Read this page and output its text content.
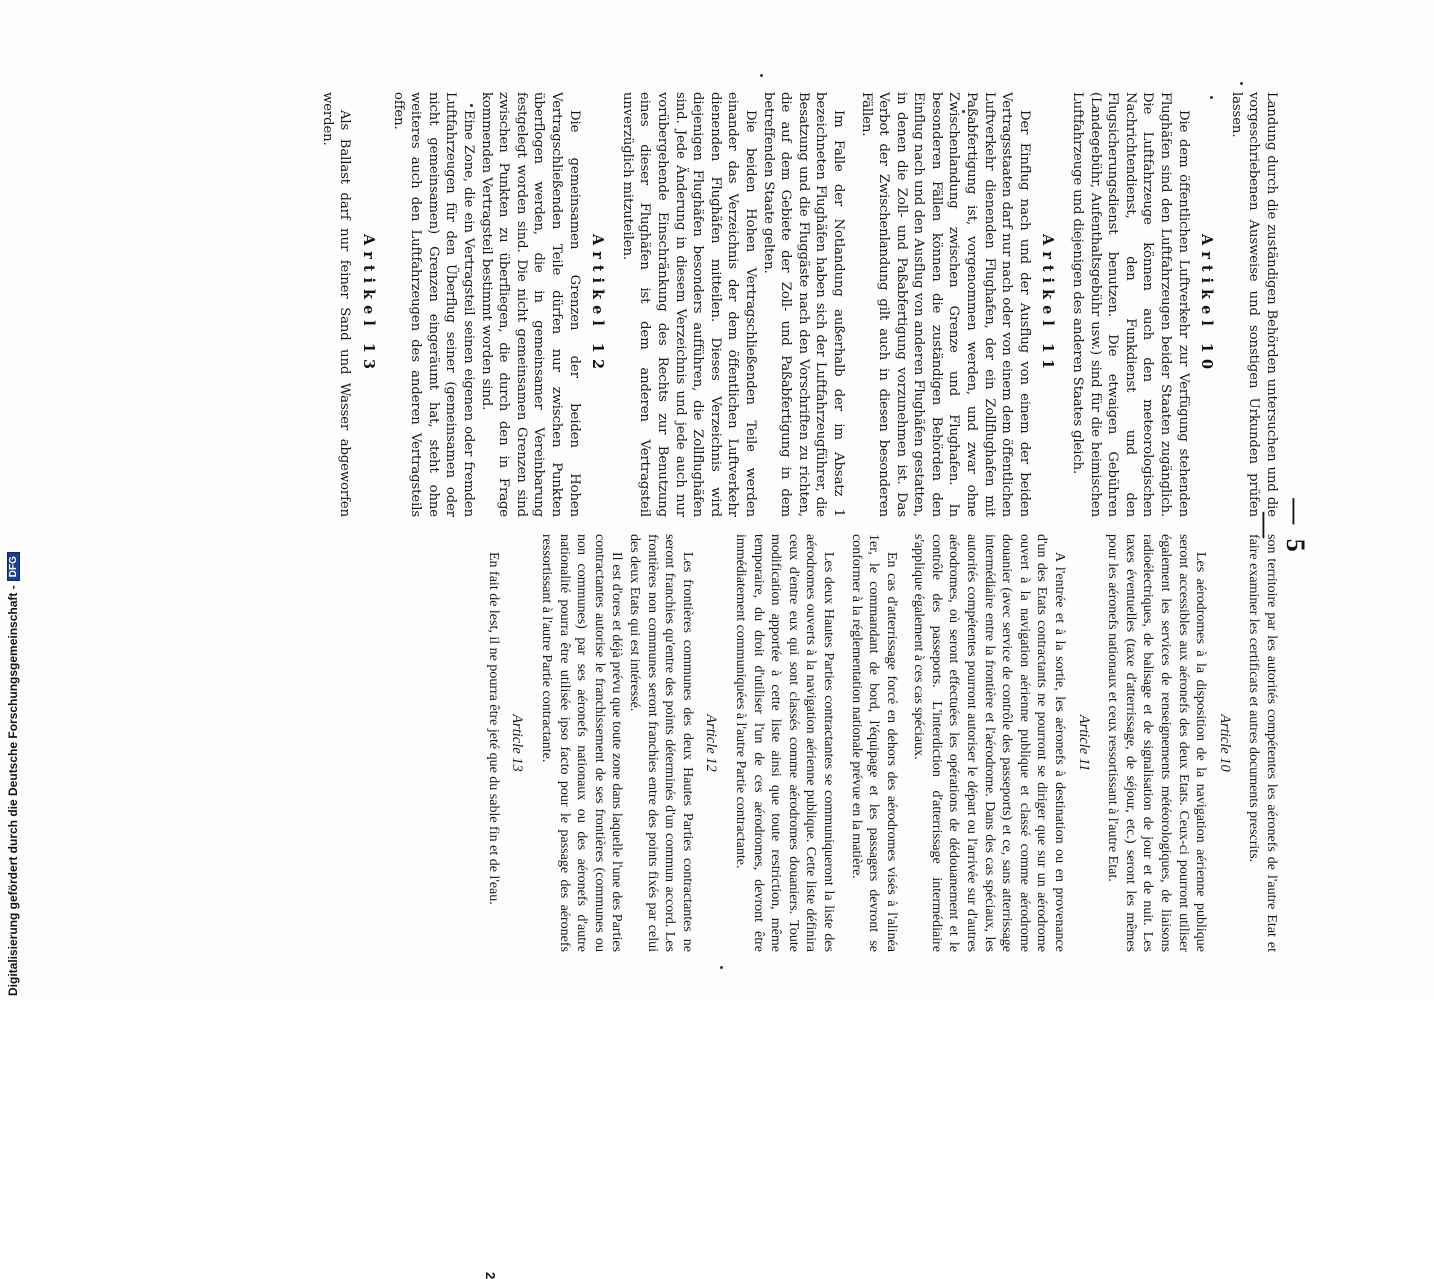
— 5 —

Landung durch die zuständigen Behörden untersuchen und die vorgeschriebenen Ausweise und sonstigen Urkunden prüfen lassen.

Artikel 10

Die dem öffentlichen Luftverkehr zur Verfügung stehenden Flughäfen sind den Luftfahrzeugen beider Staaten zugänglich. Die Luftfahrzeuge können auch den meteorologischen Nachrichtendienst, den Funkdienst und den Flugsicherungsdienst benutzen. Die etwaigen Gebühren (Landegebühr, Aufenthaltsgebühr usw.) sind für die heimischen Luftfahrzeuge und diejenigen des anderen Staates gleich.

Artikel 11

Der Einflug nach und der Ausflug von einem der beiden Vertragsstaaten darf nur nach oder von einem dem öffentlichen Luftverkehr dienenden Flughafen, der ein Zollflughafen mit Paßabfertigung ist, vorgenommen werden, und zwar ohne Zwischenlandung zwischen Grenze und Flughafen. In besonderen Fällen können die zuständigen Behörden den Einflug nach und den Ausflug von anderen Flughäfen gestatten, in denen die Zoll- und Paßabfertigung vorzunehmen ist. Das Verbot der Zwischenlandung gilt auch in diesen besonderen Fällen.

Im Falle der Notlandung außerhalb der im Absatz 1 bezeichneten Flughäfen haben sich der Luftfahrzeugführer, die Besatzung und die Fluggäste nach den Vorschriften zu richten, die auf dem Gebiete der Zoll- und Paßabfertigung in dem betreffenden Staate gelten.

Die beiden Hohen Vertragschließenden Teile werden einander das Verzeichnis der dem öffentlichen Luftverkehr dienenden Flughäfen mitteilen. Dieses Verzeichnis wird diejenigen Flughäfen besonders aufführen, die Zollflughäfen sind. Jede Änderung in diesem Verzeichnis und jede auch nur vorübergehende Einschränkung des Rechts zur Benutzung eines dieser Flughäfen ist dem anderen Vertragsteil unverzüglich mitzuteilen.

Artikel 12

Die gemeinsamen Grenzen der beiden Hohen Vertragschließenden Teile dürfen nur zwischen Punkten überflogen werden, die in gemeinsamer Vereinbarung festgelegt worden sind. Die nicht gemeinsamen Grenzen sind zwischen Punkten zu überfliegen, die durch den in Frage kommenden Vertragsteil bestimmt worden sind.

Eine Zone, die ein Vertragsteil seinen eigenen oder fremden Luftfahrzeugen für den Überflug seiner (gemeinsamen oder nicht gemeinsamen) Grenzen eingeräumt hat, steht ohne weiteres auch den Luftfahrzeugen des anderen Vertragsteils offen.

Artikel 13

Als Ballast darf nur feiner Sand und Wasser abgeworfen werden.

son territoire par les autorités compétentes les aéronefs de l'autre Etat et faire examiner les certificats et autres documents prescrits.

Article 10

Les aérodromes à la disposition de la navigation aérienne publique seront accessibles aux aéronefs des deux Etats. Ceux-ci pourront utiliser également les services de renseignements météorologiques, de liaisons radioélectriques, de balisage et de signalisation de jour et de nuit. Les taxes éventuelles (taxe d'atterrissage, de séjour, etc.) seront les mêmes pour les aéronefs nationaux et ceux ressortissant à l'autre Etat.

Article 11

A l'entrée et à la sortie, les aéronefs à destination ou en provenance d'un des Etats contractants ne pourront se diriger que sur un aérodrome ouvert à la navigation aérienne publique et classé comme aérodrome douanier (avec service de contrôle des passeports) et ce, sans atterrissage intermédiaire entre la frontière et l'aérodrome. Dans des cas spéciaux, les autorités compétentes pourront autoriser le départ ou l'arrivée sur d'autres aérodromes, où seront effectuées les opérations de dédouanement et le contrôle des passeports. L'interdiction d'atterrissage intermédiaire s'applique également à ces cas spéciaux.

En cas d'atterrissage forcé en dehors des aérodromes visés à l'alinéa 1er, le commandant de bord, l'équipage et les passagers devront se conformer à la réglementation nationale prévue en la matière.

Les deux Hautes Parties contractantes se communiqueront la liste des aérodromes ouverts à la navigation aérienne publique. Cette liste définira ceux d'entre eux qui sont classés comme aérodromes douaniers. Toute modification apportée à cette liste ainsi que toute restriction, même temporaire, du droit d'utiliser l'un de ces aérodromes, devront être immédiatement communiquées à l'autre Partie contractante.

Article 12

Les frontières communes des deux Hautes Parties contractantes ne seront franchies qu'entre des points déterminés d'un commun accord. Les frontières non communes seront franchies entre des points fixés par celui des deux Etats qui est intéressé.

Il est d'ores et déjà prévu que toute zone dans laquelle l'une des Parties contractantes autorise le franchissement de ses frontières (communes ou non communes) par ses aéronefs nationaux ou des aéronefs d'autre nationalité pourra être utilisée ipso facto pour le passage des aéronefs ressortissant à l'autre Partie contractante.

Article 13

En fait de lest, il ne pourra être jeté que du sable fin et de l'eau.

2
Digitalisierung gefördert durch die Deutsche Forschungsgemeinschaft -
DFG
